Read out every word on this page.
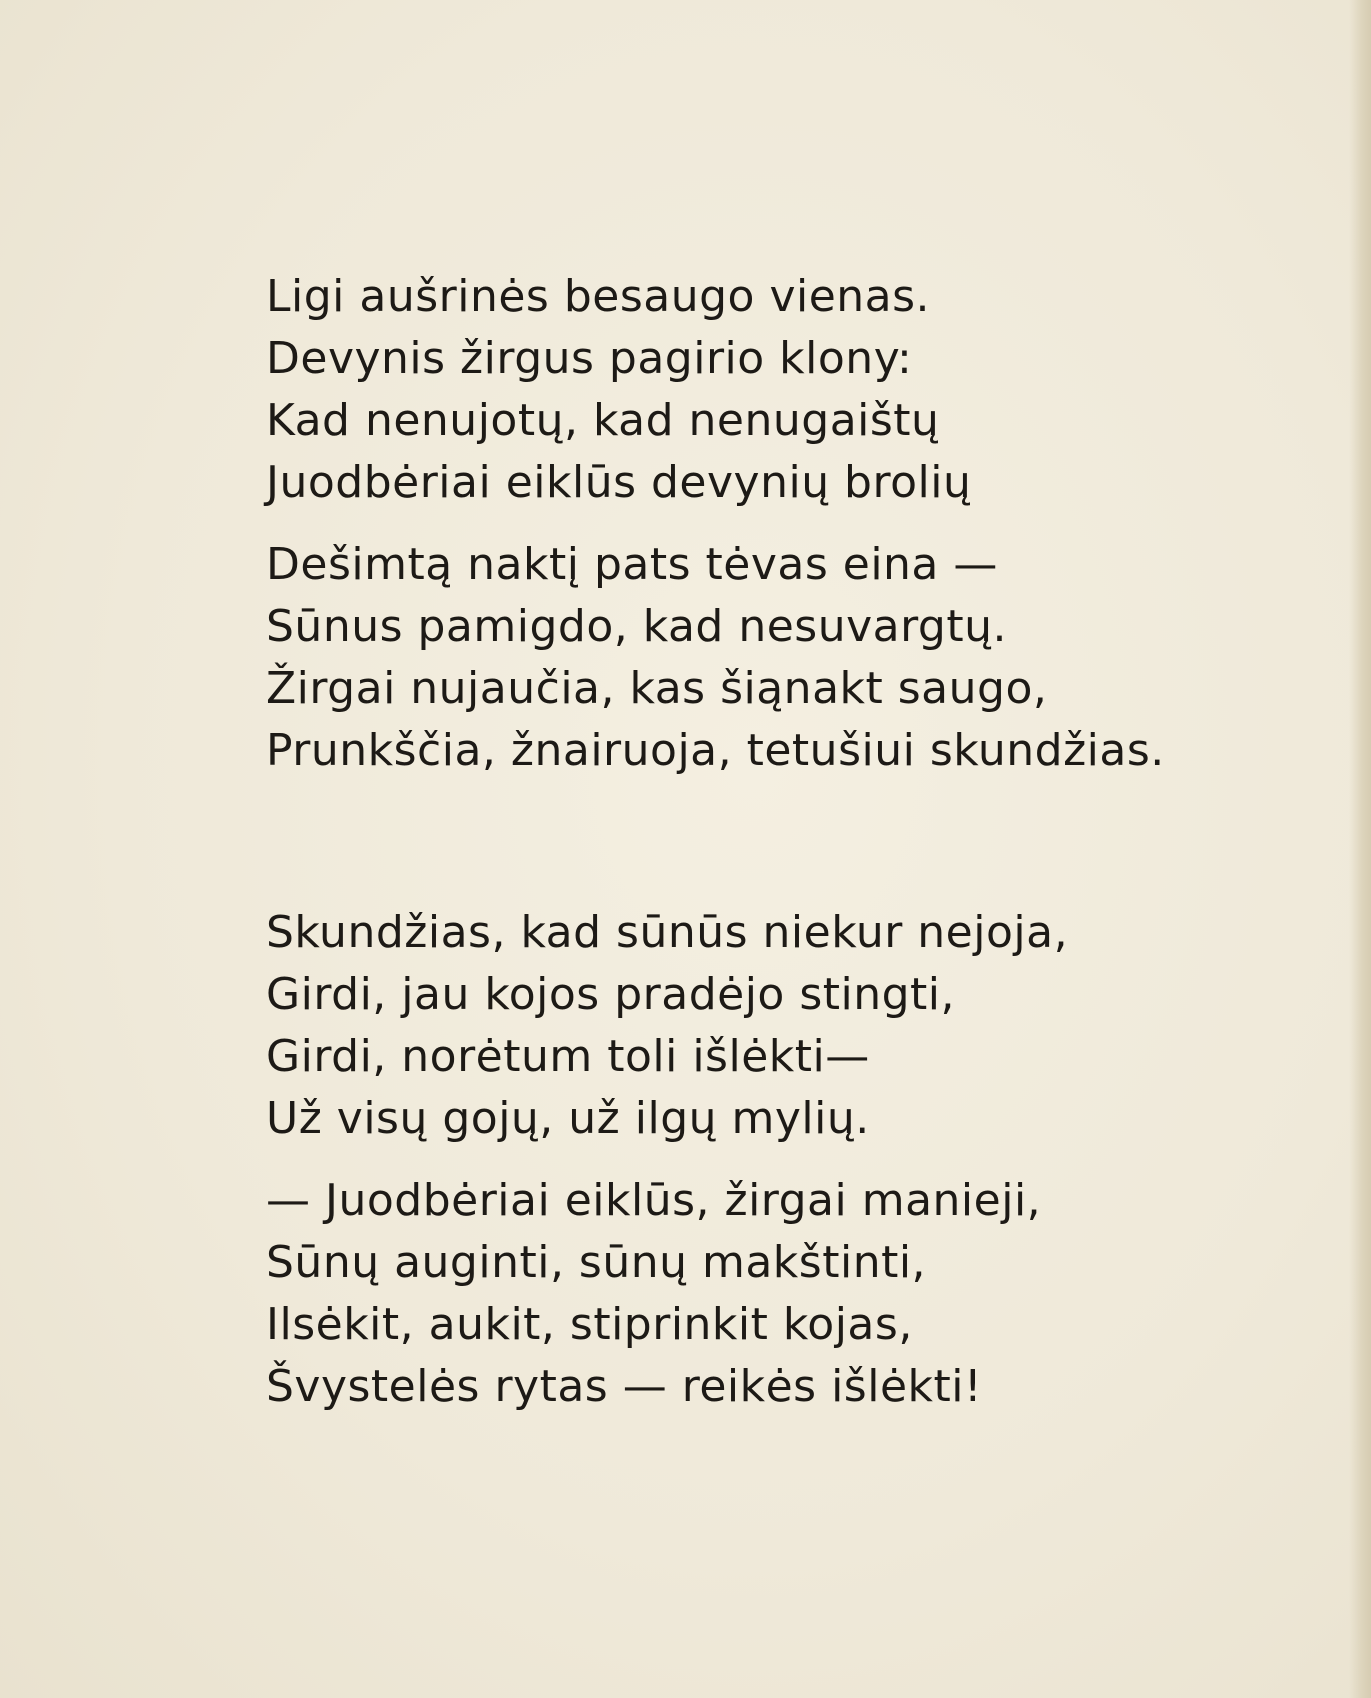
Ligi aušrinės besaugo vienas.
Devynis žirgus pagirio klony:
Kad nenujotų, kad nenugaištų
Juodbėriai eiklūs devynių brolių
Dešimtą naktį pats tėvas eina —
Sūnus pamigdo, kad nesuvargtų.
Žirgai nujaučia, kas šiąnakt saugo,
Prunkščia, žnairuoja, tetušiui skundžias.
Skundžias, kad sūnūs niekur nejoja,
Girdi, jau kojos pradėjo stingti,
Girdi, norėtum toli išlėkti—
Už visų gojų, už ilgų mylių.
— Juodbėriai eiklūs, žirgai manieji,
Sūnų auginti, sūnų makštinti,
Ilsėkit, aukit, stiprinkit kojas,
Švystelės rytas — reikės išlėkti!
